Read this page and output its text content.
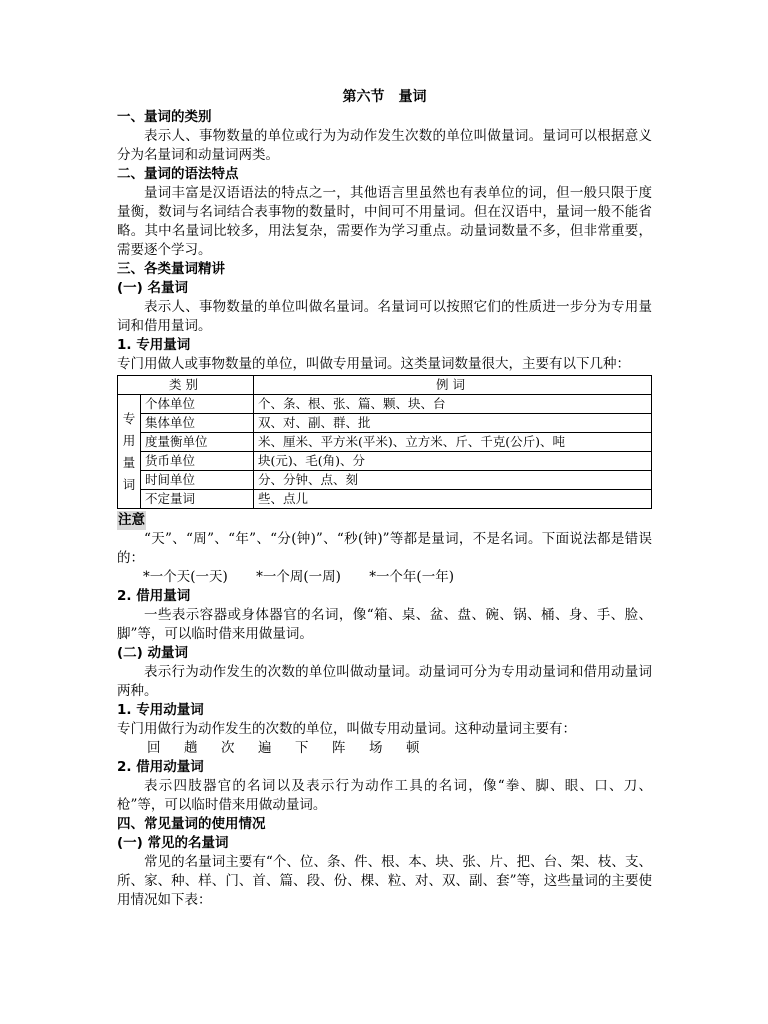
第六节　量词
一、量词的类别
表示人、事物数量的单位或行为为动作发生次数的单位叫做量词。量词可以根据意义分为名量词和动量词两类。
二、量词的语法特点
量词丰富是汉语语法的特点之一，其他语言里虽然也有表单位的词，但一般只限于度量衡，数词与名词结合表事物的数量时，中间可不用量词。但在汉语中，量词一般不能省略。其中名量词比较多，用法复杂，需要作为学习重点。动量词数量不多，但非常重要，需要逐个学习。
三、各类量词精讲
(一) 名量词
表示人、事物数量的单位叫做名量词。名量词可以按照它们的性质进一步分为专用量词和借用量词。
1. 专用量词
专门用做人或事物数量的单位，叫做专用量词。这类量词数量很大，主要有以下几种：
类别		例词

专
用
量
词	个体单位	个、条、根、张、篇、颗、块、台
	集体单位	双、对、副、群、批
	度量衡单位	米、厘米、平方米(平米)、立方米、斤、千克(公斤)、吨
	货币单位	块(元)、毛(角)、分
	时间单位	分、分钟、点、刻
	不定量词	些、点儿
注意
“天”、“周”、“年”、“分(钟)”、“秒(钟)”等都是量词，不是名词。下面说法都是错误的：
*一个天(一天) *一个周(一周) *一个年(一年)
2. 借用量词
一些表示容器或身体器官的名词，像“箱、桌、盆、盘、碗、锅、桶、身、手、脸、脚”等，可以临时借来用做量词。
(二) 动量词
表示行为动作发生的次数的单位叫做动量词。动量词可分为专用动量词和借用动量词两种。
1. 专用动量词
专门用做行为动作发生的次数的单位，叫做专用动量词。这种动量词主要有：
回 趟 次 遍 下 阵 场 顿
2. 借用动量词
表示四肢器官的名词以及表示行为动作工具的名词，像“拳、脚、眼、口、刀、枪”等，可以临时借来用做动量词。
四、常见量词的使用情况
(一) 常见的名量词
常见的名量词主要有“个、位、条、件、根、本、块、张、片、把、台、架、枝、支、所、家、种、样、门、首、篇、段、份、棵、粒、对、双、副、套”等，这些量词的主要使用情况如下表：
